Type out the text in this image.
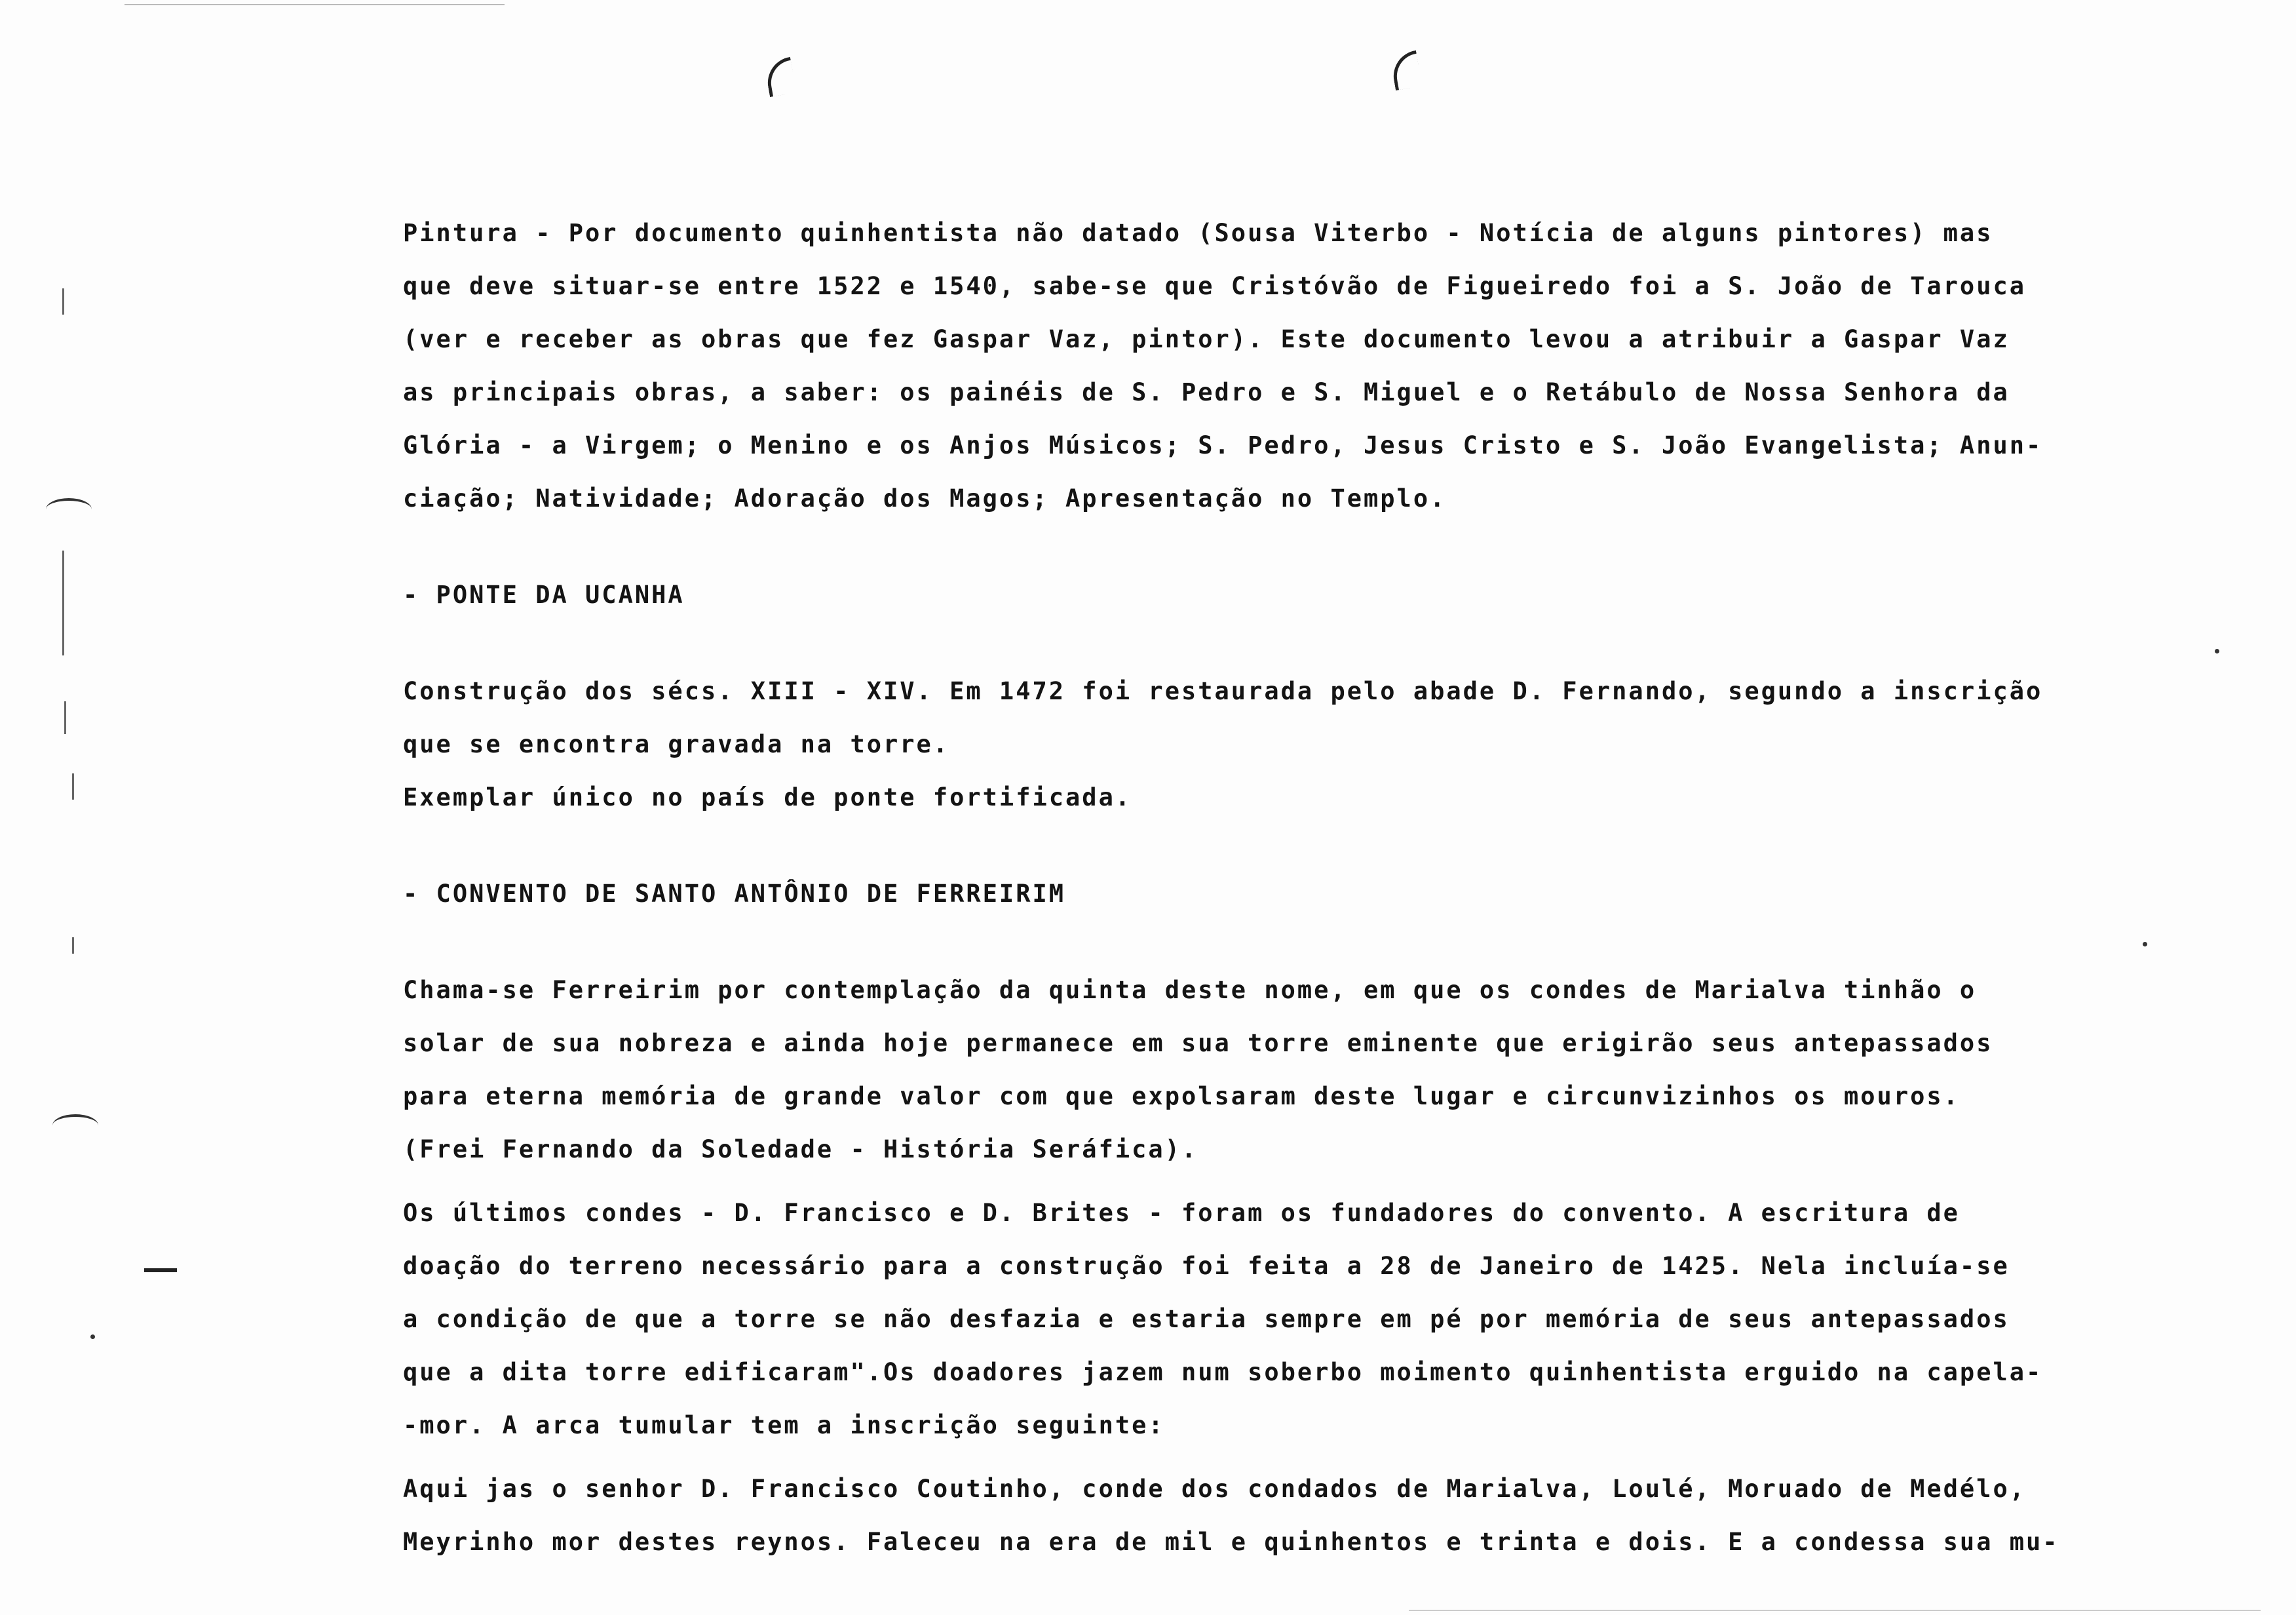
Pintura - Por documento quinhentista não datado (Sousa Viterbo - Notícia de alguns pintores) mas
que deve situar-se entre 1522 e 1540, sabe-se que Cristóvão de Figueiredo foi a S. João de Tarouca
(ver e receber as obras que fez Gaspar Vaz, pintor). Este documento levou a atribuir a Gaspar Vaz
as principais obras, a saber: os painéis de S. Pedro e S. Miguel e o Retábulo de Nossa Senhora da
Glória - a Virgem; o Menino e os Anjos Músicos; S. Pedro, Jesus Cristo e S. João Evangelista; Anun-
ciação; Natividade; Adoração dos Magos; Apresentação no Templo.
- PONTE DA UCANHA
Construção dos sécs. XIII - XIV. Em 1472 foi restaurada pelo abade D. Fernando, segundo a inscrição
que se encontra gravada na torre.
Exemplar único no país de ponte fortificada.
- CONVENTO DE SANTO ANTÔNIO DE FERREIRIM
Chama-se Ferreirim por contemplação da quinta deste nome, em que os condes de Marialva tinhão o
solar de sua nobreza e ainda hoje permanece em sua torre eminente que erigirão seus antepassados
para eterna memória de grande valor com que expolsaram deste lugar e circunvizinhos os mouros.
(Frei Fernando da Soledade - História Seráfica).
Os últimos condes - D. Francisco e D. Brites - foram os fundadores do convento. A escritura de
doação do terreno necessário para a construção foi feita a 28 de Janeiro de 1425. Nela incluía-se
a condição de que a torre se não desfazia e estaria sempre em pé por memória de seus antepassados
que a dita torre edificaram".Os doadores jazem num soberbo moimento quinhentista erguido na capela-
-mor. A arca tumular tem a inscrição seguinte:
Aqui jas o senhor D. Francisco Coutinho, conde dos condados de Marialva, Loulé, Moruado de Medélo,
Meyrinho mor destes reynos. Faleceu na era de mil e quinhentos e trinta e dois. E a condessa sua mu-
